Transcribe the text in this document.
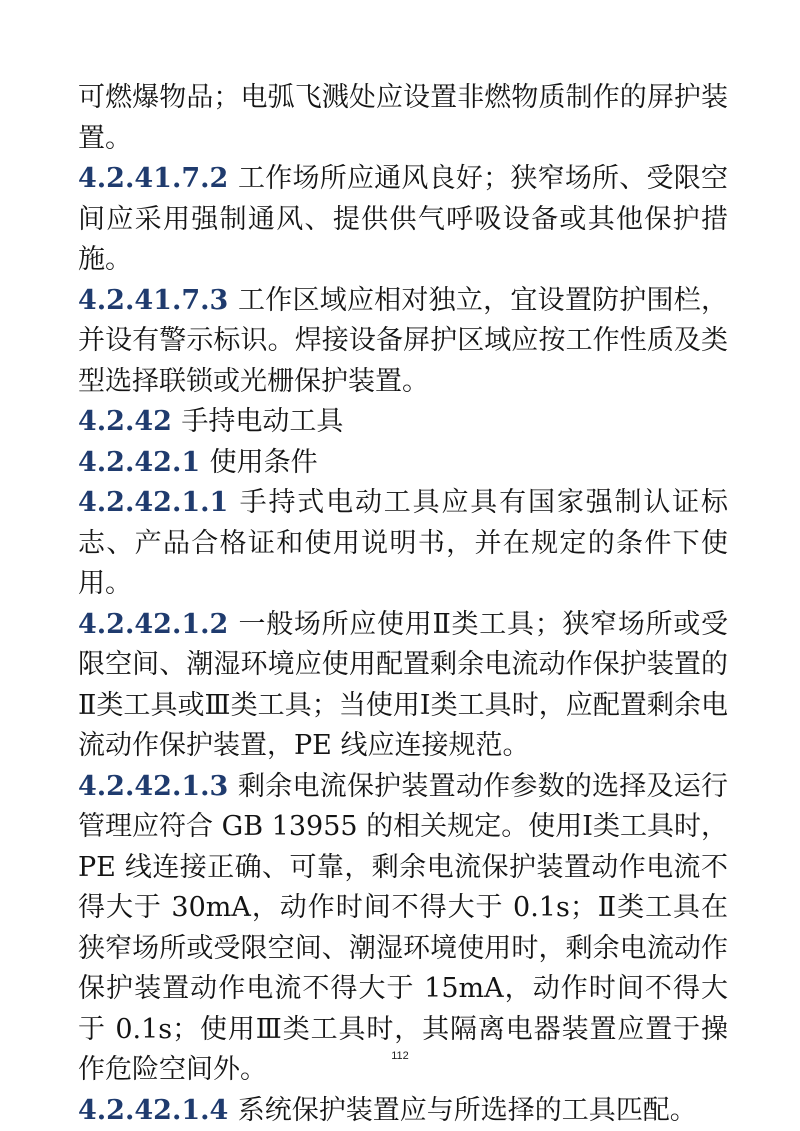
可燃爆物品；电弧飞溅处应设置非燃物质制作的屏护装置。

4.2.41.7.2 工作场所应通风良好；狭窄场所、受限空间应采用强制通风、提供供气呼吸设备或其他保护措施。

4.2.41.7.3 工作区域应相对独立，宜设置防护围栏，并设有警示标识。焊接设备屏护区域应按工作性质及类型选择联锁或光栅保护装置。

4.2.42 手持电动工具

4.2.42.1 使用条件

4.2.42.1.1 手持式电动工具应具有国家强制认证标志、产品合格证和使用说明书，并在规定的条件下使用。

4.2.42.1.2 一般场所应使用Ⅱ类工具；狭窄场所或受限空间、潮湿环境应使用配置剩余电流动作保护装置的Ⅱ类工具或Ⅲ类工具；当使用Ⅰ类工具时，应配置剩余电流动作保护装置，PE 线应连接规范。

4.2.42.1.3 剩余电流保护装置动作参数的选择及运行管理应符合 GB 13955 的相关规定。使用Ⅰ类工具时，PE 线连接正确、可靠，剩余电流保护装置动作电流不得大于 30mA，动作时间不得大于 0.1s；Ⅱ类工具在狭窄场所或受限空间、潮湿环境使用时，剩余电流动作保护装置动作电流不得大于 15mA，动作时间不得大于 0.1s；使用Ⅲ类工具时，其隔离电器装置应置于操作危险空间外。

4.2.42.1.4 系统保护装置应与所选择的工具匹配。

112
